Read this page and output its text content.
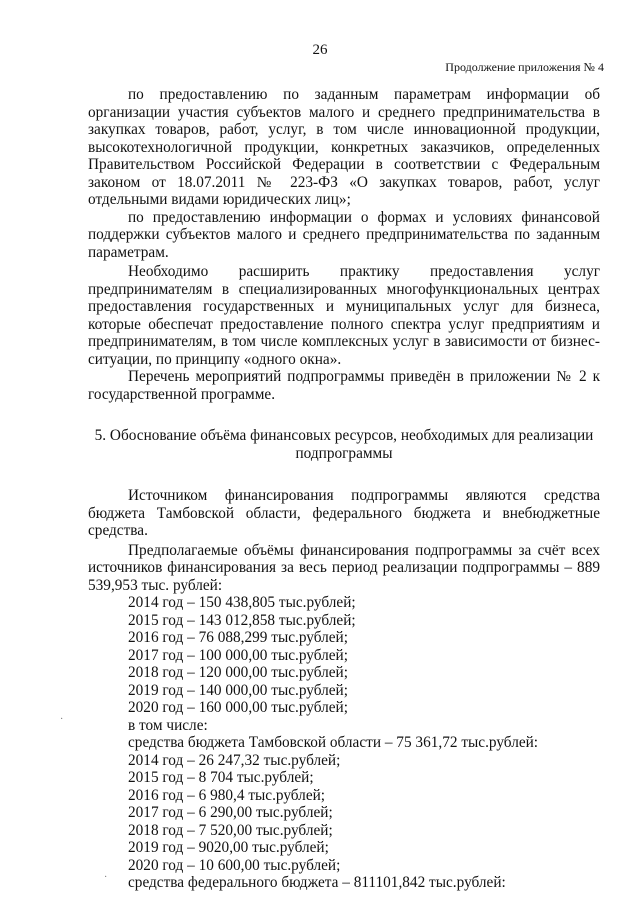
26
Продолжение приложения № 4

по предоставлению по заданным параметрам информации об организации участия субъектов малого и среднего предпринимательства в закупках товаров, работ, услуг, в том числе инновационной продукции, высокотехнологичной продукции, конкретных заказчиков, определенных Правительством Российской Федерации в соответствии с Федеральным законом от 18.07.2011 № 223-ФЗ «О закупках товаров, работ, услуг отдельными видами юридических лиц»;

по предоставлению информации о формах и условиях финансовой поддержки субъектов малого и среднего предпринимательства по заданным параметрам.

Необходимо расширить практику предоставления услуг предпринимателям в специализированных многофункциональных центрах предоставления государственных и муниципальных услуг для бизнеса, которые обеспечат предоставление полного спектра услуг предприятиям и предпринимателям, в том числе комплексных услуг в зависимости от бизнес-ситуации, по принципу «одного окна».

Перечень мероприятий подпрограммы приведён в приложении № 2 к государственной программе.

5. Обоснование объёма финансовых ресурсов, необходимых для реализации подпрограммы

Источником финансирования подпрограммы являются средства бюджета Тамбовской области, федерального бюджета и внебюджетные средства.

Предполагаемые объёмы финансирования подпрограммы за счёт всех источников финансирования за весь период реализации подпрограммы – 889 539,953 тыс. рублей:

2014 год – 150 438,805 тыс.рублей;
2015 год – 143 012,858 тыс.рублей;
2016 год – 76 088,299 тыс.рублей;
2017 год – 100 000,00 тыс.рублей;
2018 год – 120 000,00 тыс.рублей;
2019 год – 140 000,00 тыс.рублей;
2020 год – 160 000,00 тыс.рублей;

в том числе:

средства бюджета Тамбовской области – 75 361,72 тыс.рублей:

2014 год – 26 247,32 тыс.рублей;
2015 год – 8 704 тыс.рублей;
2016 год – 6 980,4 тыс.рублей;
2017 год – 6 290,00 тыс.рублей;
2018 год – 7 520,00 тыс.рублей;
2019 год – 9020,00 тыс.рублей;
2020 год – 10 600,00 тыс.рублей;

средства федерального бюджета – 811101,842 тыс.рублей:

·
·
